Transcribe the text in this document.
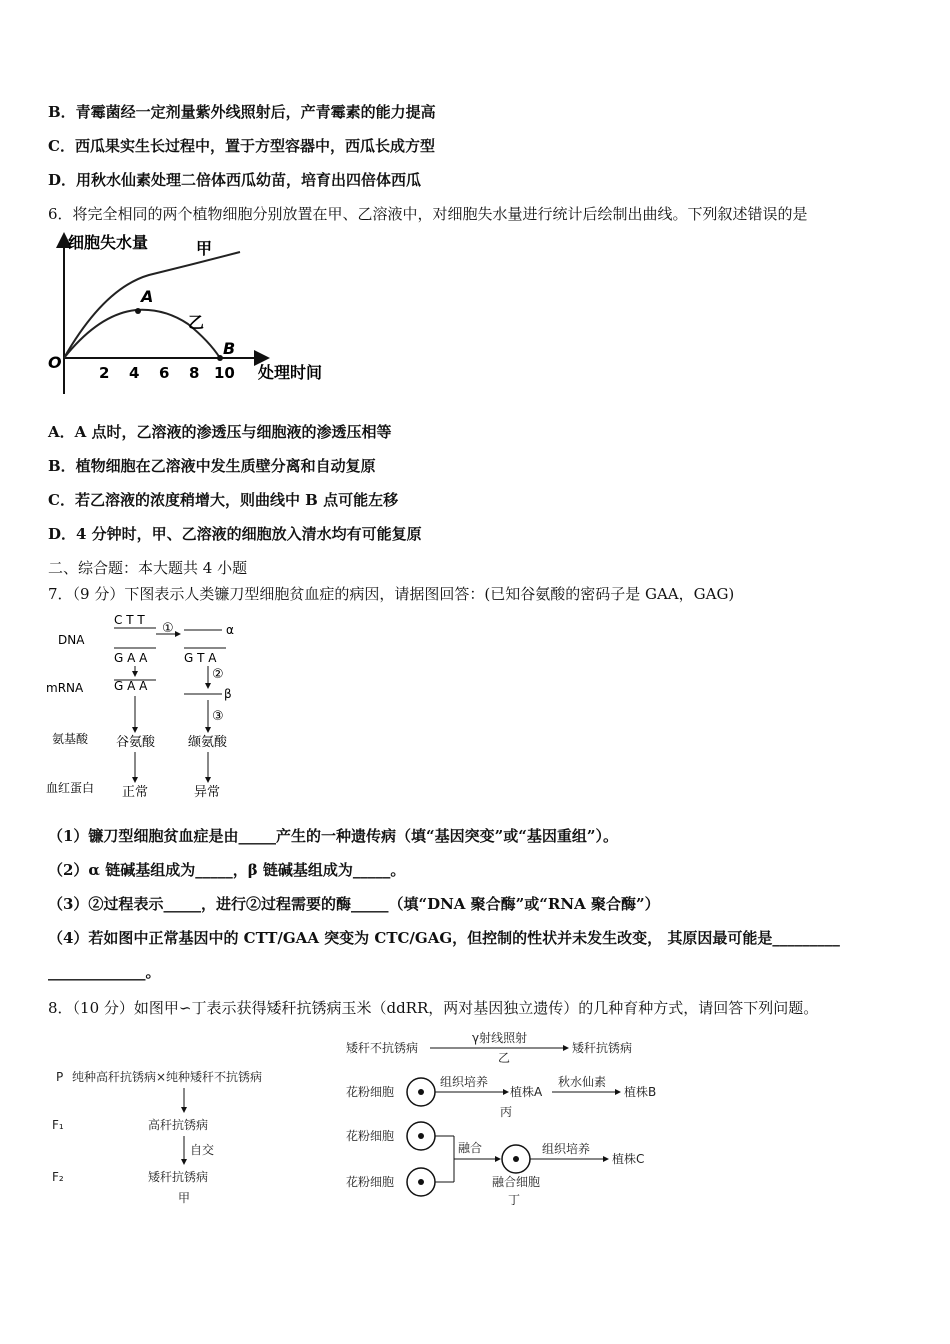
B．青霉菌经一定剂量紫外线照射后，产青霉素的能力提高
C．西瓜果实生长过程中，置于方型容器中，西瓜长成方型
D．用秋水仙素处理二倍体西瓜幼苗，培育出四倍体西瓜
6．将完全相同的两个植物细胞分别放置在甲、乙溶液中，对细胞失水量进行统计后绘制出曲线。下列叙述错误的是
细胞失水量	甲
乙
A
B
O
2 4 6 8 10 处理时间
A．A 点时，乙溶液的渗透压与细胞液的渗透压相等
B．植物细胞在乙溶液中发生质壁分离和自动复原
C．若乙溶液的浓度稍增大，则曲线中 B 点可能左移
D．4 分钟时，甲、乙溶液的细胞放入清水均有可能复原
二、综合题：本大题共 4 小题
7．（9 分）下图表示人类镰刀型细胞贫血症的病因，请据图回答：(已知谷氨酸的密码子是 GAA，GAG)
DNA
mRNA
氨基酸
血红蛋白
C T T
G A A
①	α
G T A
G A A
②
β
③
谷氨酸	缬氨酸
正常	异常
（1）镰刀型细胞贫血症是由_____产生的一种遗传病（填“基因突变”或“基因重组”）。
（2）α 链碱基组成为_____，β 链碱基组成为_____。
（3）②过程表示_____，进行②过程需要的酶_____（填“DNA 聚合酶”或“RNA 聚合酶”）
（4）若如图中正常基因中的 CTT/GAA 突变为 CTC/GAG，但控制的性状并未发生改变， 其原因最可能是_________
_____________。
8．（10 分）如图甲∽丁表示获得矮秆抗锈病玉米（ddRR，两对基因独立遗传）的几种育种方式，请回答下列问题。
P 纯种高秆抗锈病×纯种矮秆不抗锈病
F₁	高秆抗锈病
自交
F₂	矮秆抗锈病
甲
矮秆不抗锈病
γ射线照射
乙
矮秆抗锈病
花粉细胞
组织培养
植株A
丙
秋水仙素
植株B
花粉细胞
花粉细胞
融合	组织培养
植株C
融合细胞
丁
